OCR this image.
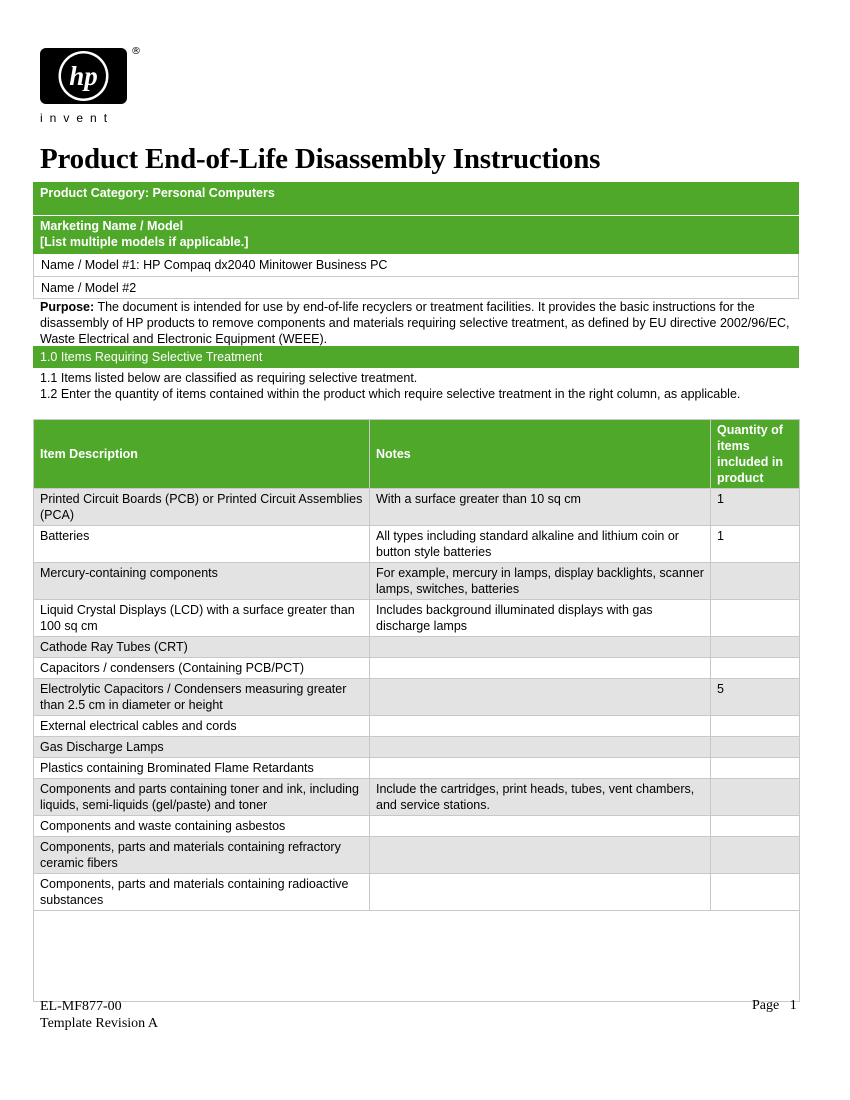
hp
®
invent
Product End-of-Life Disassembly Instructions
Product Category: Personal Computers
Marketing Name / Model
[List multiple models if applicable.]
Name / Model #1: HP Compaq dx2040 Minitower Business PC
Name / Model #2
Purpose: The document is intended for use by end-of-life recyclers or treatment facilities. It provides the basic instructions for the disassembly of HP products to remove components and materials requiring selective treatment, as defined by EU directive 2002/96/EC, Waste Electrical and Electronic Equipment (WEEE).
1.0 Items Requiring Selective Treatment
1.1 Items listed below are classified as requiring selective treatment.
1.2 Enter the quantity of items contained within the product which require selective treatment in the right column, as applicable.
Item Description	Notes	Quantity of items included in product
Printed Circuit Boards (PCB) or Printed Circuit Assemblies (PCA)	With a surface greater than 10 sq cm	1
Batteries	All types including standard alkaline and lithium coin or button style batteries	1
Mercury-containing components	For example, mercury in lamps, display backlights, scanner lamps, switches, batteries	
Liquid Crystal Displays (LCD) with a surface greater than 100 sq cm	Includes background illuminated displays with gas discharge lamps	
Cathode Ray Tubes (CRT)		
Capacitors / condensers (Containing PCB/PCT)		
Electrolytic Capacitors / Condensers measuring greater than 2.5 cm in diameter or height		5
External electrical cables and cords		
Gas Discharge Lamps		
Plastics containing Brominated Flame Retardants		
Components and parts containing toner and ink, including liquids, semi-liquids (gel/paste) and toner	Include the cartridges, print heads, tubes, vent chambers, and service stations.	
Components and waste containing asbestos		
Components, parts and materials containing refractory ceramic fibers		
Components, parts and materials containing radioactive substances		

EL-MF877-00
Template Revision A
Page   1
